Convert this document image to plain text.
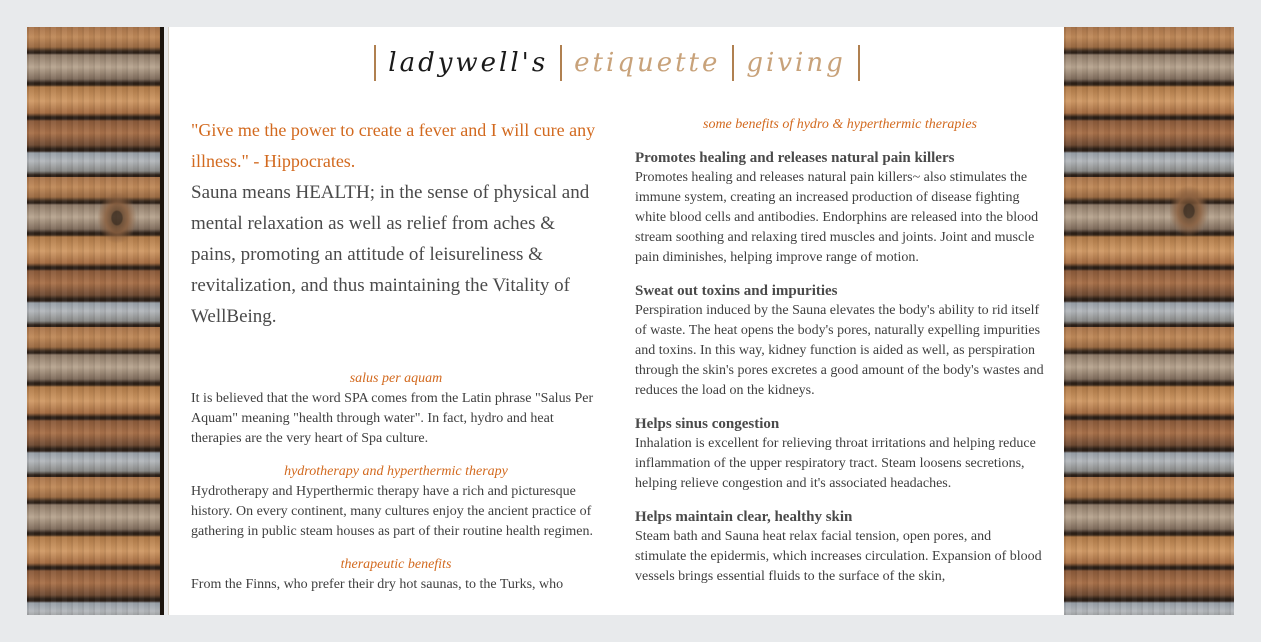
ladywell's etiquette giving
"Give me the power to create a fever and I will cure any illness." - Hippocrates.
Sauna means HEALTH; in the sense of physical and mental relaxation as well as relief from aches & pains, promoting an attitude of leisureliness & revitalization, and thus maintaining the Vitality of WellBeing.
salus per aquam
It is believed that the word SPA comes from the Latin phrase "Salus Per Aquam" meaning "health through water". In fact, hydro and heat therapies are the very heart of Spa culture.
hydrotherapy and hyperthermic therapy
Hydrotherapy and Hyperthermic therapy have a rich and picturesque history. On every continent, many cultures enjoy the ancient practice of gathering in public steam houses as part of their routine health regimen.
therapeutic benefits
From the Finns, who prefer their dry hot saunas, to the Turks, who
some benefits of hydro & hyperthermic therapies
Promotes healing and releases natural pain killers
Promotes healing and releases natural pain killers~ also stimulates the immune system, creating an increased production of disease fighting white blood cells and antibodies. Endorphins are released into the blood stream soothing and relaxing tired muscles and joints. Joint and muscle pain diminishes, helping improve range of motion.
Sweat out toxins and impurities
Perspiration induced by the Sauna elevates the body's ability to rid itself of waste. The heat opens the body's pores, naturally expelling impurities and toxins. In this way, kidney function is aided as well, as perspiration through the skin's pores excretes a good amount of the body's wastes and reduces the load on the kidneys.
Helps sinus congestion
Inhalation is excellent for relieving throat irritations and helping reduce inflammation of the upper respiratory tract. Steam loosens secretions, helping relieve congestion and it's associated headaches.
Helps maintain clear, healthy skin
Steam bath and Sauna heat relax facial tension, open pores, and stimulate the epidermis, which increases circulation. Expansion of blood vessels brings essential fluids to the surface of the skin,
